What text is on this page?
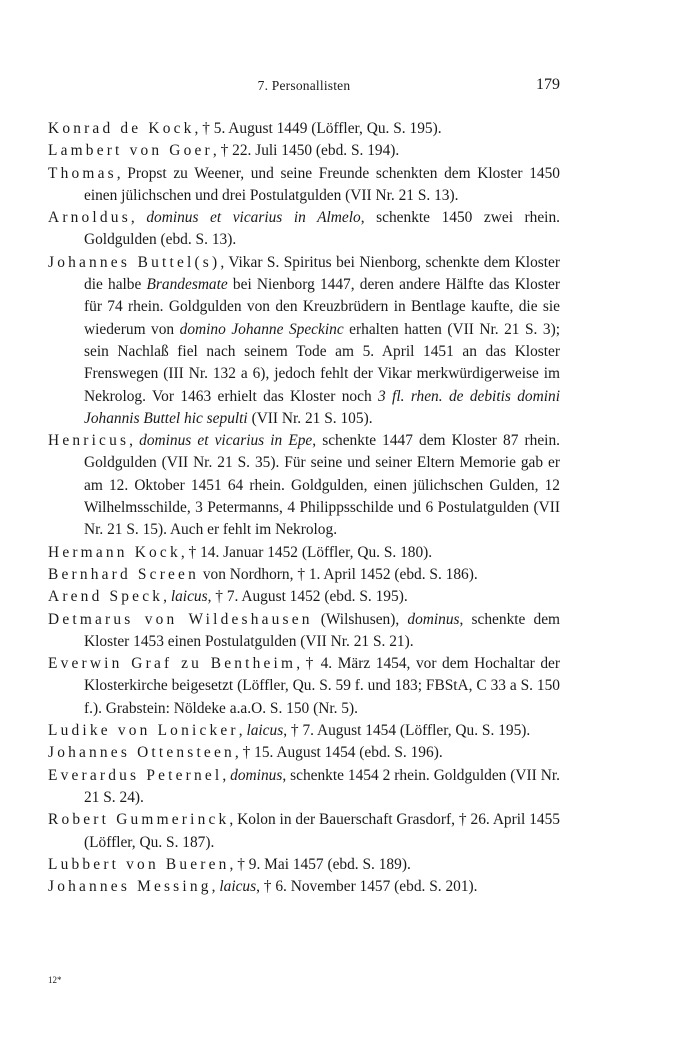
7. Personallisten	179
Konrad de Kock, † 5. August 1449 (Löffler, Qu. S. 195).
Lambert von Goer, † 22. Juli 1450 (ebd. S. 194).
Thomas, Propst zu Weener, und seine Freunde schenkten dem Kloster 1450 einen jülichschen und drei Postulatgulden (VII Nr. 21 S. 13).
Arnoldus, dominus et vicarius in Almelo, schenkte 1450 zwei rhein. Goldgulden (ebd. S. 13).
Johannes Buttel(s), Vikar S. Spiritus bei Nienborg, schenkte dem Kloster die halbe Brandesmate bei Nienborg 1447, deren andere Hälfte das Kloster für 74 rhein. Goldgulden von den Kreuzbrüdern in Bentlage kaufte, die sie wiederum von domino Johanne Speckinc erhalten hatten (VII Nr. 21 S. 3); sein Nachlaß fiel nach seinem Tode am 5. April 1451 an das Kloster Frenswegen (III Nr. 132 a 6), jedoch fehlt der Vikar merkwürdigerweise im Nekrolog. Vor 1463 erhielt das Kloster noch 3 fl. rhen. de debitis domini Johannis Buttel hic sepulti (VII Nr. 21 S. 105).
Henricus, dominus et vicarius in Epe, schenkte 1447 dem Kloster 87 rhein. Goldgulden (VII Nr. 21 S. 35). Für seine und seiner Eltern Memorie gab er am 12. Oktober 1451 64 rhein. Goldgulden, einen jülichschen Gulden, 12 Wilhelmsschilde, 3 Petermanns, 4 Philippsschilde und 6 Postulatgulden (VII Nr. 21 S. 15). Auch er fehlt im Nekrolog.
Hermann Kock, † 14. Januar 1452 (Löffler, Qu. S. 180).
Bernhard Screen von Nordhorn, † 1. April 1452 (ebd. S. 186).
Arend Speck, laicus, † 7. August 1452 (ebd. S. 195).
Detmarus von Wildeshausen (Wilshusen), dominus, schenkte dem Kloster 1453 einen Postulatgulden (VII Nr. 21 S. 21).
Everwin Graf zu Bentheim, † 4. März 1454, vor dem Hochaltar der Klosterkirche beigesetzt (Löffler, Qu. S. 59 f. und 183; FBStA, C 33 a S. 150 f.). Grabstein: Nöldeke a.a.O. S. 150 (Nr. 5).
Ludike von Lonicker, laicus, † 7. August 1454 (Löffler, Qu. S. 195).
Johannes Ottensteen, † 15. August 1454 (ebd. S. 196).
Everardus Peternel, dominus, schenkte 1454 2 rhein. Goldgulden (VII Nr. 21 S. 24).
Robert Gummerinck, Kolon in der Bauerschaft Grasdorf, † 26. April 1455 (Löffler, Qu. S. 187).
Lubbert von Bueren, † 9. Mai 1457 (ebd. S. 189).
Johannes Messing, laicus, † 6. November 1457 (ebd. S. 201).
12*
